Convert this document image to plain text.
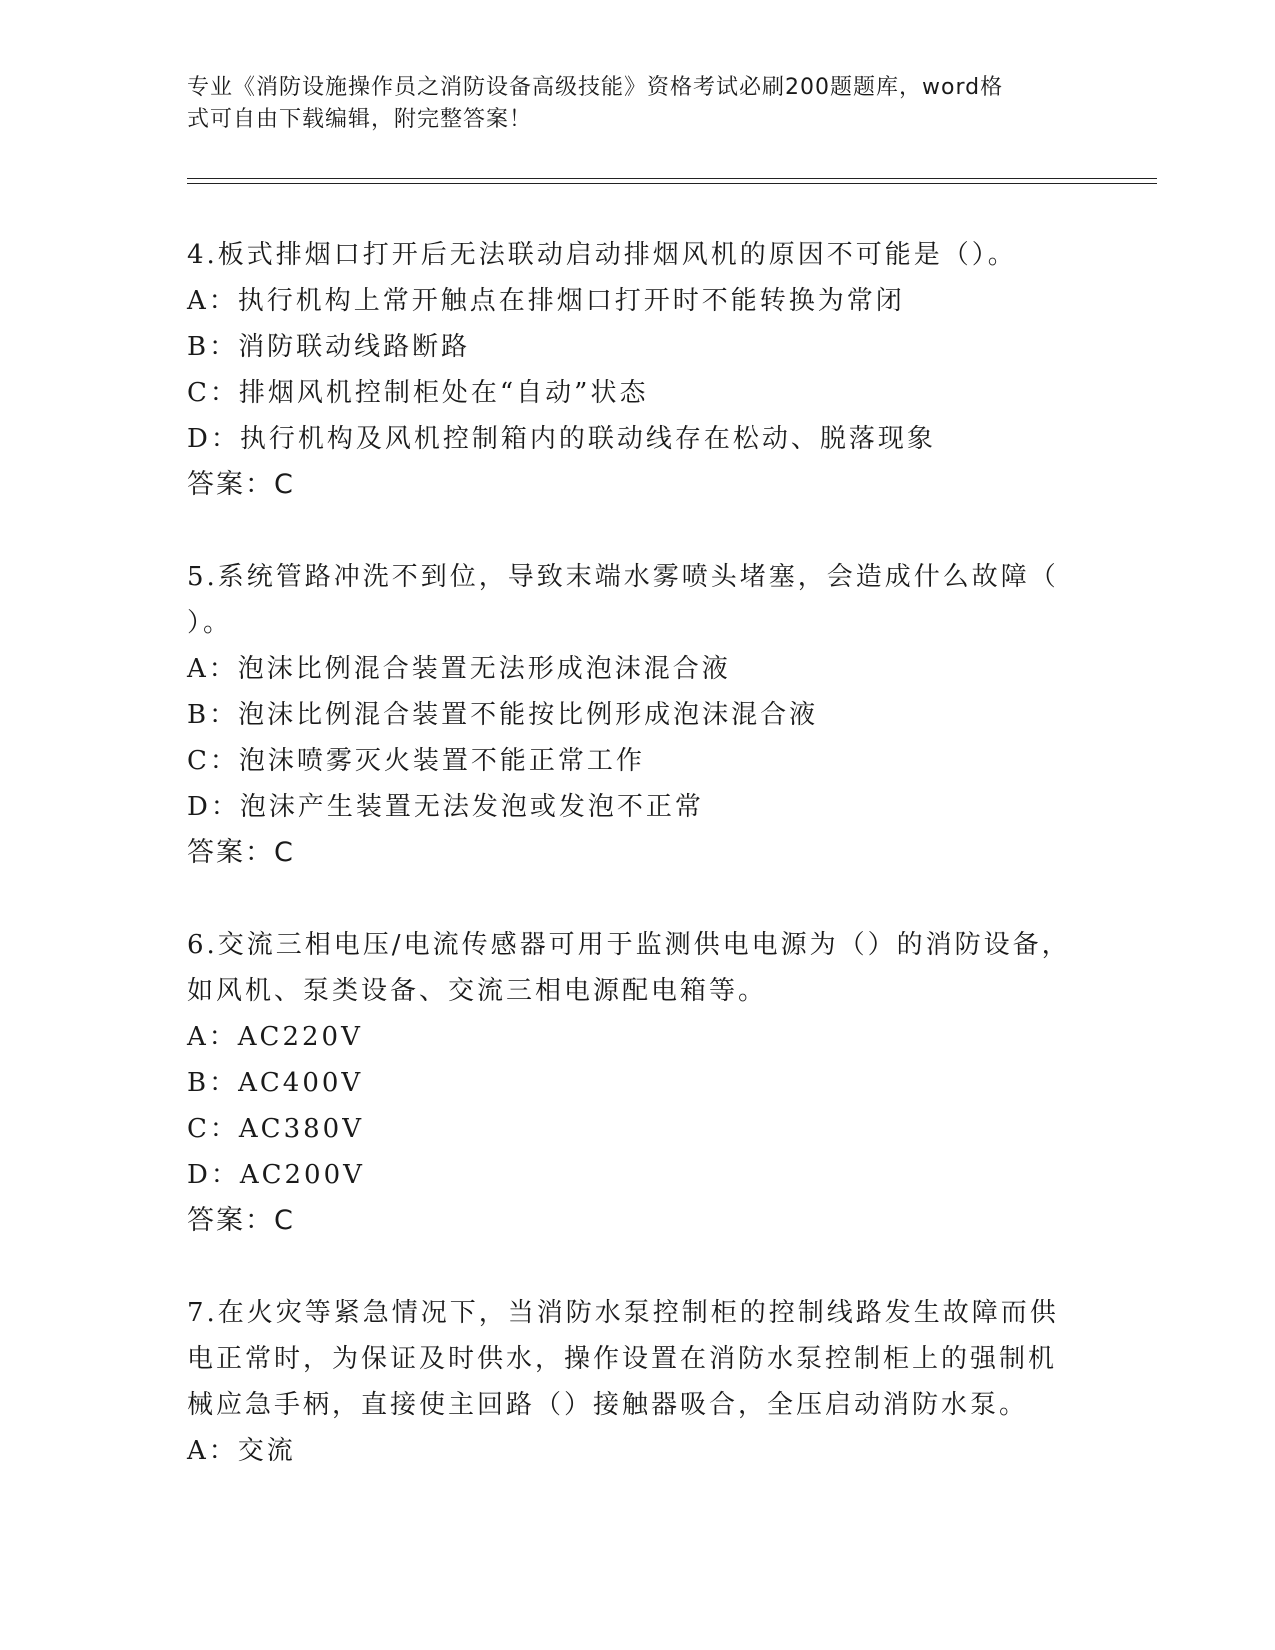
专业《消防设施操作员之消防设备高级技能》资格考试必刷200题题库，word格
式可自由下载编辑，附完整答案！
4.板式排烟口打开后无法联动启动排烟风机的原因不可能是（）。
A：执行机构上常开触点在排烟口打开时不能转换为常闭
B：消防联动线路断路
C：排烟风机控制柜处在“自动”状态
D：执行机构及风机控制箱内的联动线存在松动、脱落现象
答案：C
5.系统管路冲洗不到位，导致末端水雾喷头堵塞，会造成什么故障（
）。
A：泡沫比例混合装置无法形成泡沫混合液
B：泡沫比例混合装置不能按比例形成泡沫混合液
C：泡沫喷雾灭火装置不能正常工作
D：泡沫产生装置无法发泡或发泡不正常
答案：C
6.交流三相电压/电流传感器可用于监测供电电源为（）的消防设备，
如风机、泵类设备、交流三相电源配电箱等。
A：AC220V
B：AC400V
C：AC380V
D：AC200V
答案：C
7.在火灾等紧急情况下，当消防水泵控制柜的控制线路发生故障而供
电正常时，为保证及时供水，操作设置在消防水泵控制柜上的强制机
械应急手柄，直接使主回路（）接触器吸合，全压启动消防水泵。
A：交流
